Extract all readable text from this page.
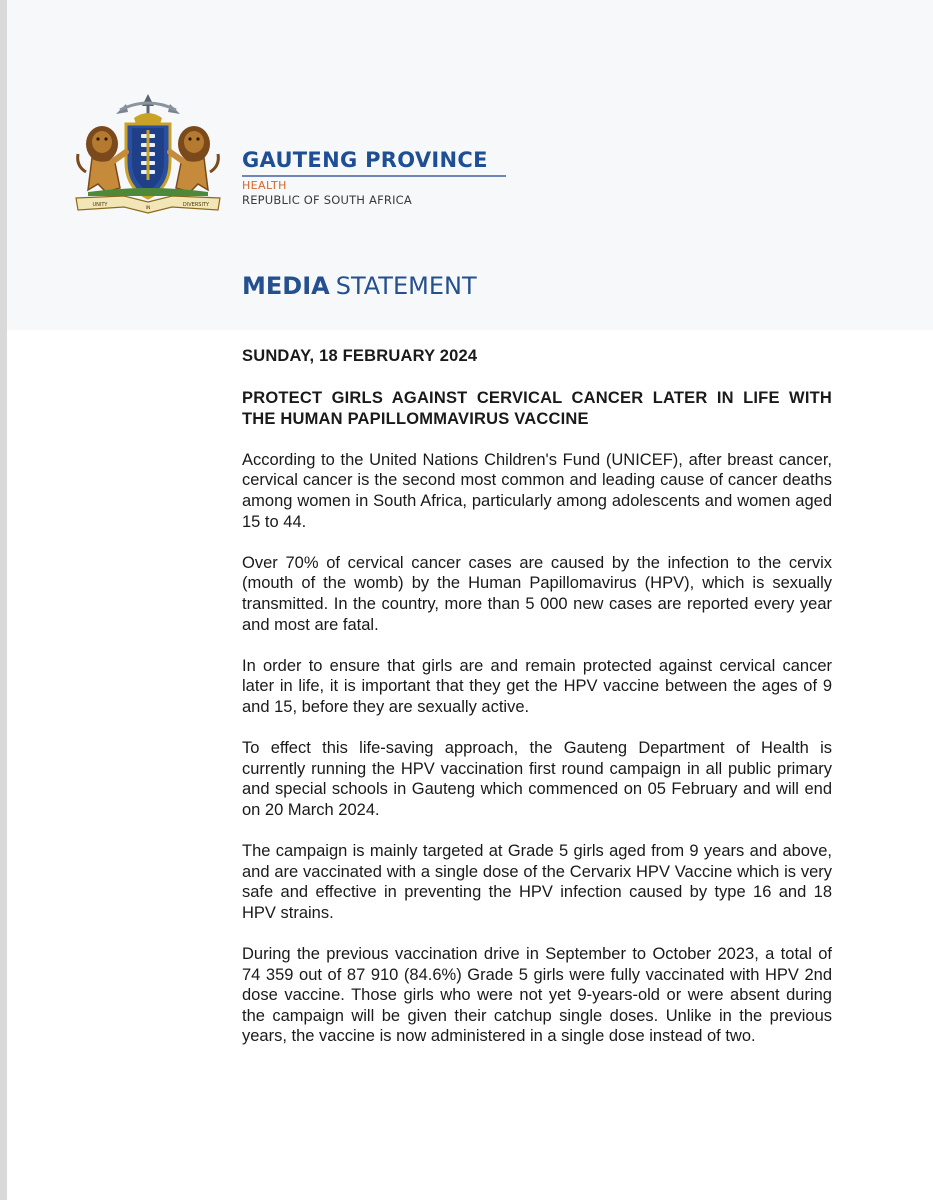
UNITY
IN
DIVERSITY
GAUTENG PROVINCE
HEALTH
REPUBLIC OF SOUTH AFRICA
MEDIA STATEMENT
SUNDAY, 18 FEBRUARY 2024
PROTECT GIRLS AGAINST CERVICAL CANCER LATER IN LIFE WITH THE HUMAN PAPILLOMMAVIRUS VACCINE

According to the United Nations Children's Fund (UNICEF), after breast cancer, cervical cancer is the second most common and leading cause of cancer deaths among women in South Africa, particularly among adolescents and women aged 15 to 44.

Over 70% of cervical cancer cases are caused by the infection to the cervix (mouth of the womb) by the Human Papillomavirus (HPV), which is sexually transmitted. In the country, more than 5 000 new cases are reported every year and most are fatal.

In order to ensure that girls are and remain protected against cervical cancer later in life, it is important that they get the HPV vaccine between the ages of 9 and 15, before they are sexually active.

To effect this life-saving approach, the Gauteng Department of Health is currently running the HPV vaccination first round campaign in all public primary and special schools in Gauteng which commenced on 05 February and will end on 20 March 2024.

The campaign is mainly targeted at Grade 5 girls aged from 9 years and above, and are vaccinated with a single dose of the Cervarix HPV Vaccine which is very safe and effective in preventing the HPV infection caused by type 16 and 18 HPV strains.

During the previous vaccination drive in September to October 2023, a total of 74 359 out of 87 910 (84.6%) Grade 5 girls were fully vaccinated with HPV 2nd dose vaccine. Those girls who were not yet 9-years-old or were absent during the campaign will be given their catchup single doses. Unlike in the previous years, the vaccine is now administered in a single dose instead of two.
